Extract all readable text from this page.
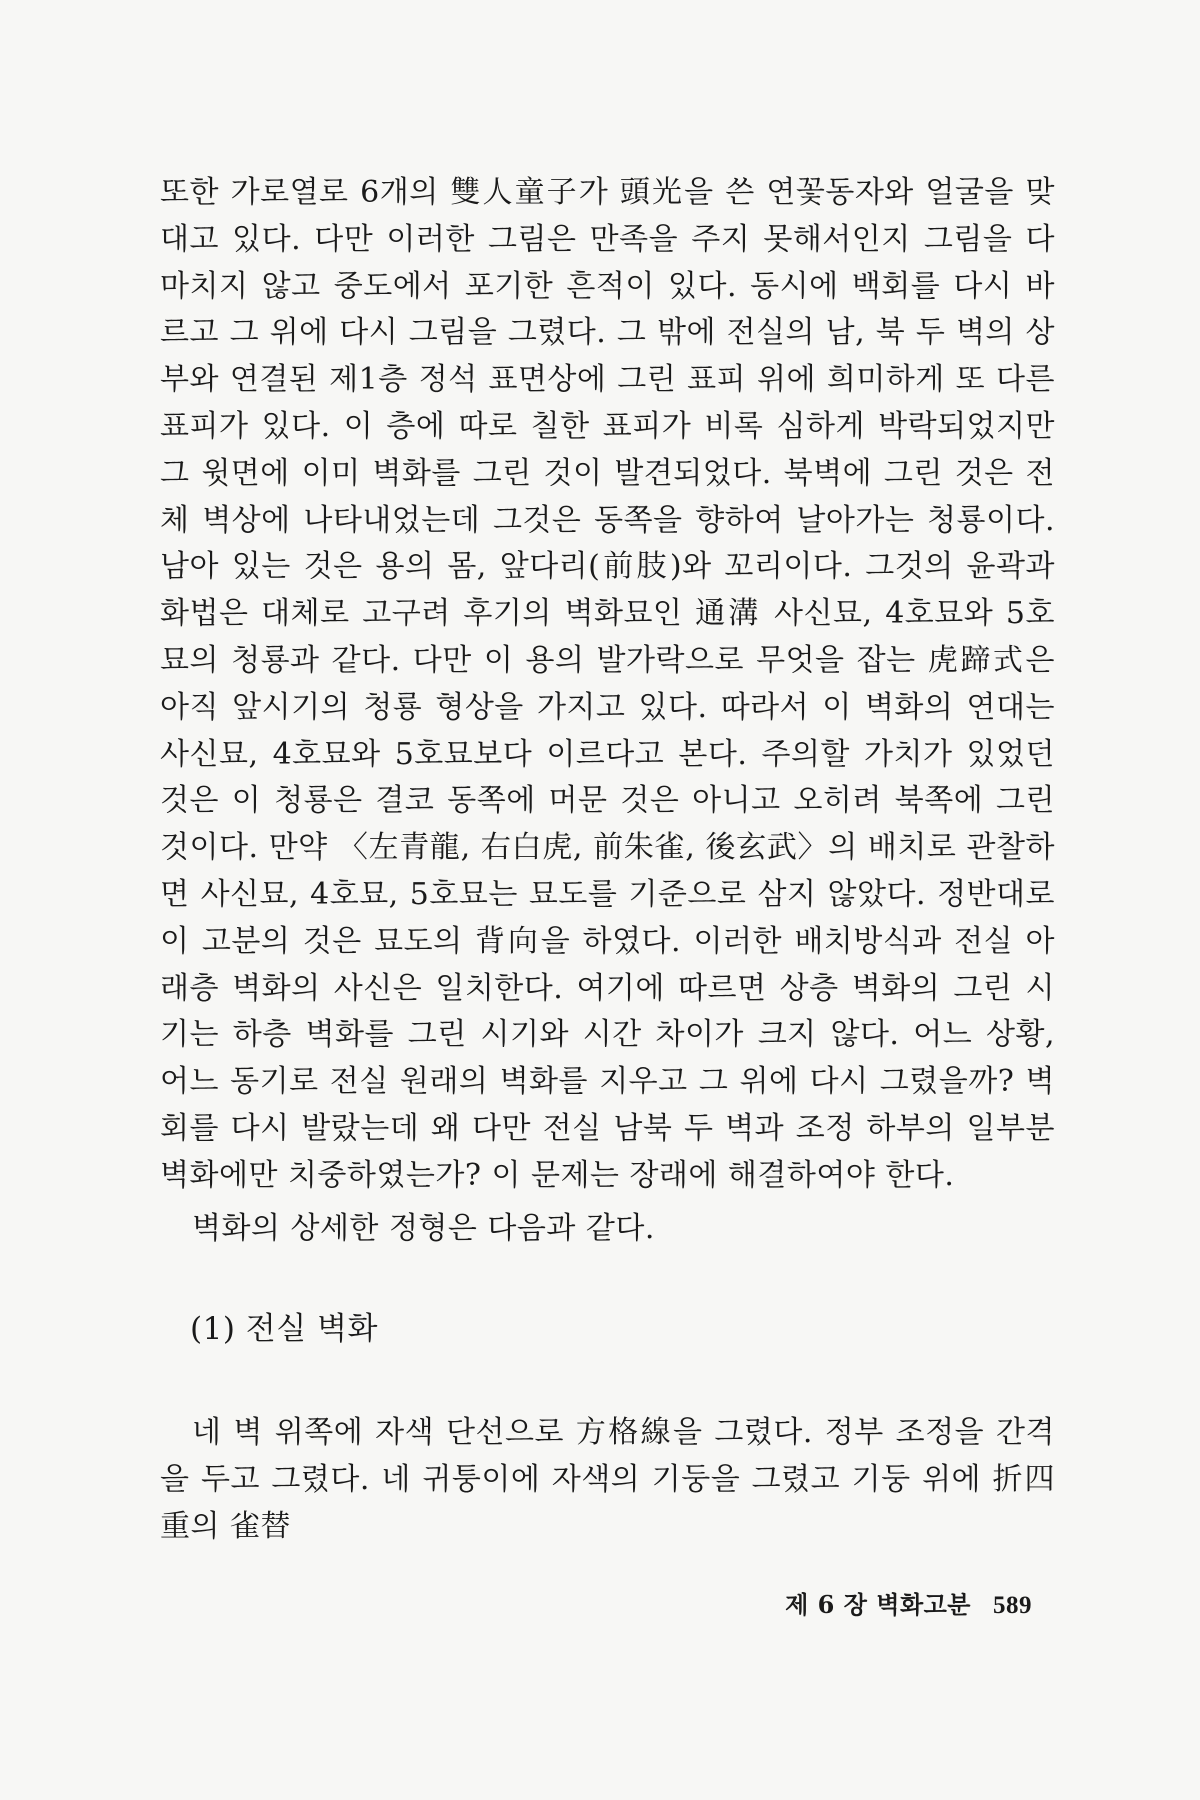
또한 가로열로 6개의 雙人童子가 頭光을 쓴 연꽃동자와 얼굴을 맞대고 있다. 다만 이러한 그림은 만족을 주지 못해서인지 그림을 다 마치지 않고 중도에서 포기한 흔적이 있다. 동시에 백회를 다시 바르고 그 위에 다시 그림을 그렸다. 그 밖에 전실의 남, 북 두 벽의 상부와 연결된 제1층 정석 표면상에 그린 표피 위에 희미하게 또 다른 표피가 있다. 이 층에 따로 칠한 표피가 비록 심하게 박락되었지만 그 윗면에 이미 벽화를 그린 것이 발견되었다. 북벽에 그린 것은 전체 벽상에 나타내었는데 그것은 동쪽을 향하여 날아가는 청룡이다. 남아 있는 것은 용의 몸, 앞다리(前肢)와 꼬리이다. 그것의 윤곽과 화법은 대체로 고구려 후기의 벽화묘인 通溝 사신묘, 4호묘와 5호묘의 청룡과 같다. 다만 이 용의 발가락으로 무엇을 잡는 虎蹄式은 아직 앞시기의 청룡 형상을 가지고 있다. 따라서 이 벽화의 연대는 사신묘, 4호묘와 5호묘보다 이르다고 본다. 주의할 가치가 있었던 것은 이 청룡은 결코 동쪽에 머문 것은 아니고 오히려 북쪽에 그린 것이다. 만약 〈左青龍, 右白虎, 前朱雀, 後玄武〉의 배치로 관찰하면 사신묘, 4호묘, 5호묘는 묘도를 기준으로 삼지 않았다. 정반대로 이 고분의 것은 묘도의 背向을 하였다. 이러한 배치방식과 전실 아래층 벽화의 사신은 일치한다. 여기에 따르면 상층 벽화의 그린 시기는 하층 벽화를 그린 시기와 시간 차이가 크지 않다. 어느 상황, 어느 동기로 전실 원래의 벽화를 지우고 그 위에 다시 그렸을까? 벽회를 다시 발랐는데 왜 다만 전실 남북 두 벽과 조정 하부의 일부분 벽화에만 치중하였는가? 이 문제는 장래에 해결하여야 한다.

벽화의 상세한 정형은 다음과 같다.

(1) 전실 벽화

네 벽 위쪽에 자색 단선으로 方格線을 그렸다. 정부 조정을 간격을 두고 그렸다. 네 귀퉁이에 자색의 기둥을 그렸고 기둥 위에 折四重의 雀替

제 6 장 벽화고분 589
